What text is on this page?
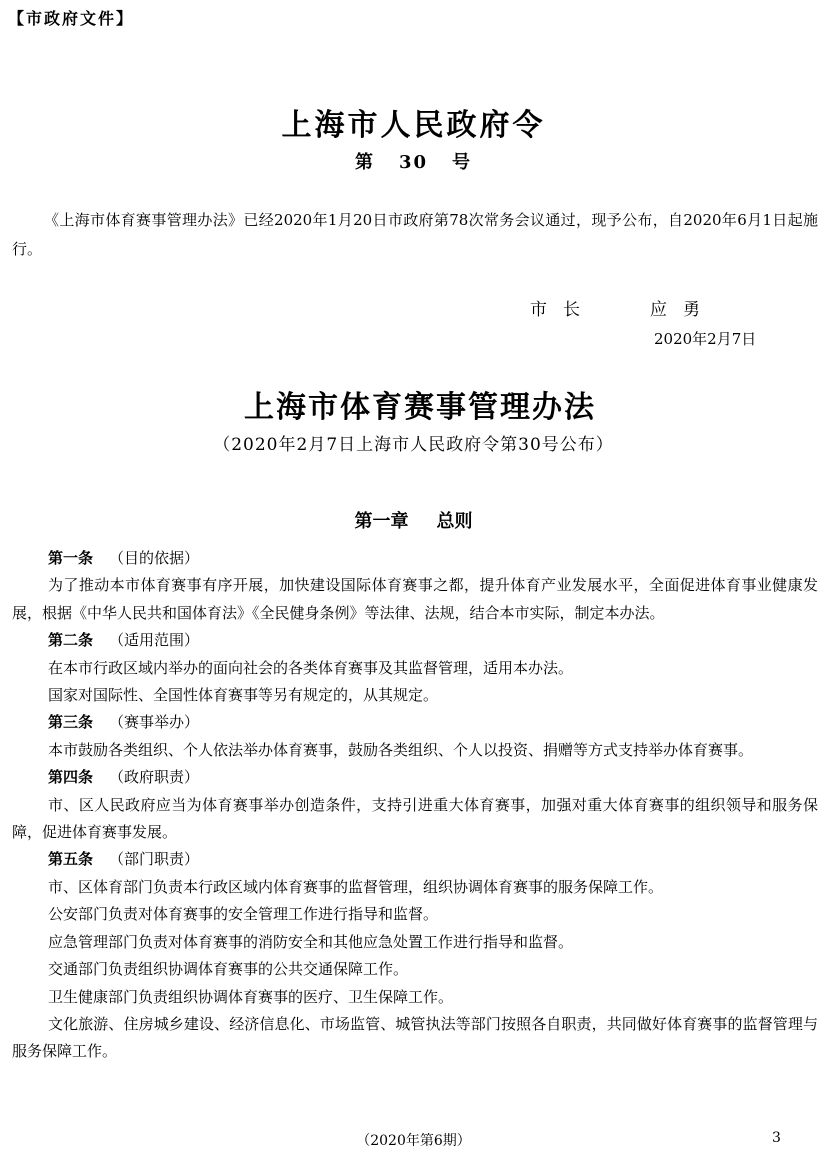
【市政府文件】
上海市人民政府令
第 30 号
《上海市体育赛事管理办法》已经2020年1月20日市政府第78次常务会议通过，现予公布，自2020年6月1日起施行。
市长	应勇
2020年2月7日
上海市体育赛事管理办法
（2020年2月7日上海市人民政府令第30号公布）
第一章 总则

第一条 （目的依据）

为了推动本市体育赛事有序开展，加快建设国际体育赛事之都，提升体育产业发展水平，全面促进体育事业健康发展，根据《中华人民共和国体育法》《全民健身条例》等法律、法规，结合本市实际，制定本办法。

第二条 （适用范围）

在本市行政区域内举办的面向社会的各类体育赛事及其监督管理，适用本办法。

国家对国际性、全国性体育赛事等另有规定的，从其规定。

第三条 （赛事举办）

本市鼓励各类组织、个人依法举办体育赛事，鼓励各类组织、个人以投资、捐赠等方式支持举办体育赛事。

第四条 （政府职责）

市、区人民政府应当为体育赛事举办创造条件，支持引进重大体育赛事，加强对重大体育赛事的组织领导和服务保障，促进体育赛事发展。

第五条 （部门职责）

市、区体育部门负责本行政区域内体育赛事的监督管理，组织协调体育赛事的服务保障工作。

公安部门负责对体育赛事的安全管理工作进行指导和监督。

应急管理部门负责对体育赛事的消防安全和其他应急处置工作进行指导和监督。

交通部门负责组织协调体育赛事的公共交通保障工作。

卫生健康部门负责组织协调体育赛事的医疗、卫生保障工作。

文化旅游、住房城乡建设、经济信息化、市场监管、城管执法等部门按照各自职责，共同做好体育赛事的监督管理与服务保障工作。

（2020年第6期）	3
